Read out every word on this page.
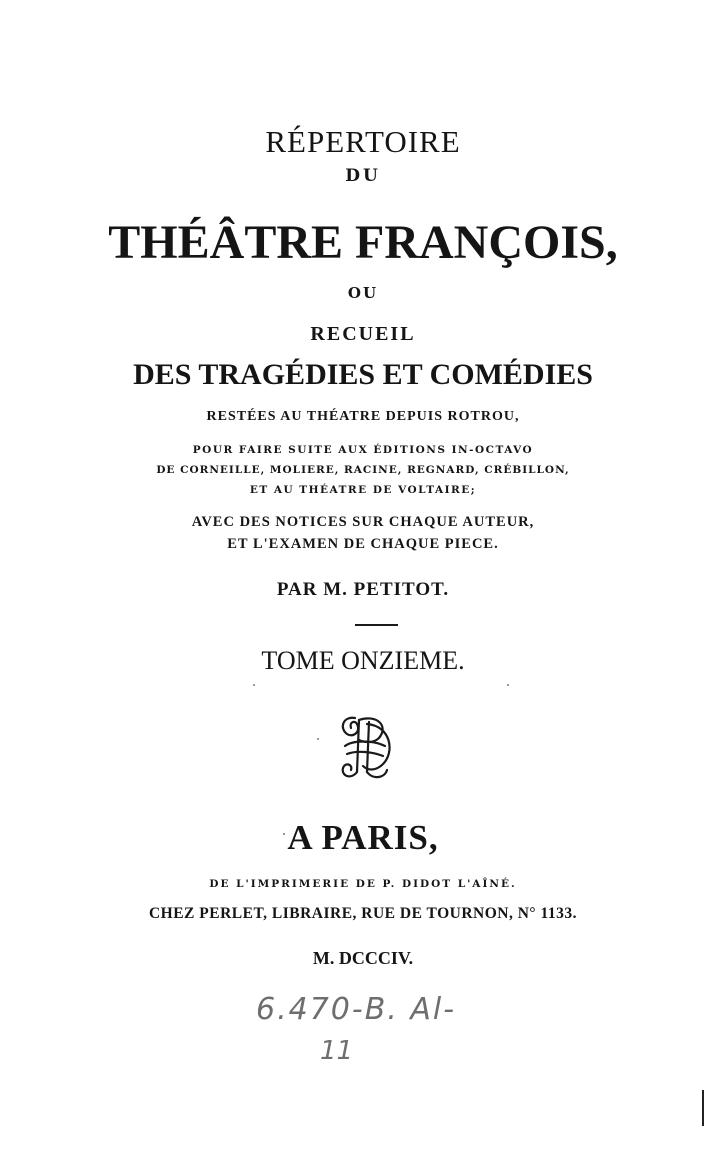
RÉPERTOIRE
DU
THÉÂTRE FRANÇOIS,
OU
RECUEIL
DES TRAGÉDIES ET COMÉDIES
RESTÉES AU THÉATRE DEPUIS ROTROU,
POUR FAIRE SUITE AUX ÉDITIONS IN-OCTAVO
DE CORNEILLE, MOLIERE, RACINE, REGNARD, CRÉBILLON,
ET AU THÉATRE DE VOLTAIRE;
AVEC DES NOTICES SUR CHAQUE AUTEUR,
ET L'EXAMEN DE CHAQUE PIECE.
PAR M. PETITOT.
TOME ONZIEME.
A PARIS,
DE L'IMPRIMERIE DE P. DIDOT L'AÎNÉ.
CHEZ PERLET, LIBRAIRE, RUE DE TOURNON, N° 1133.
M. DCCCIV.
6.470-B. Al-
11
